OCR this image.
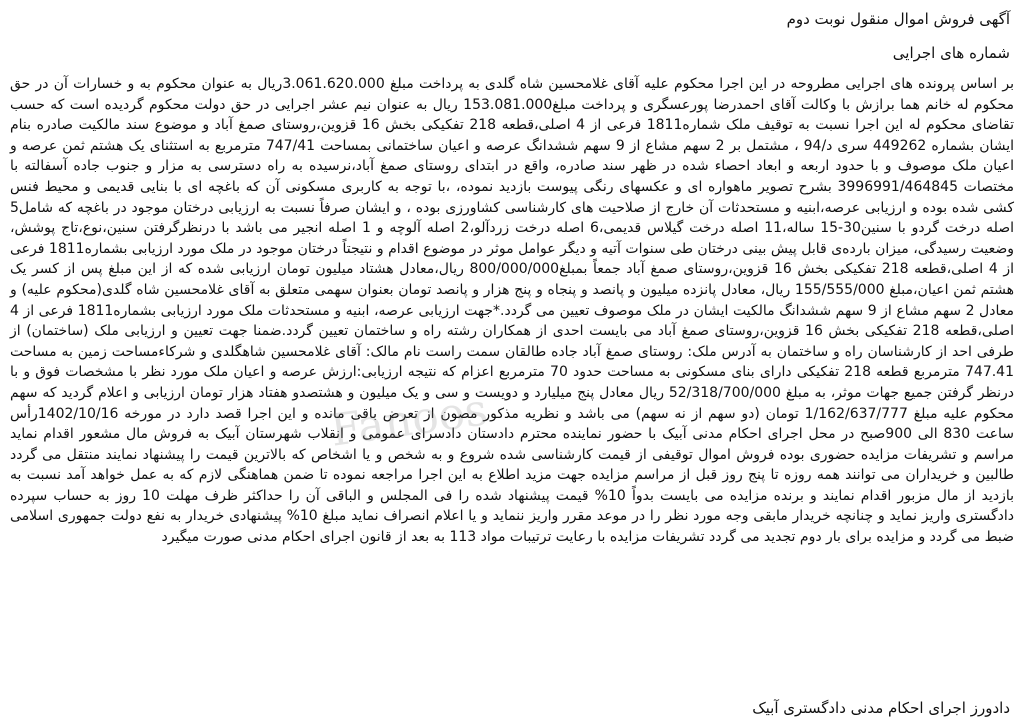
آگهی فروش اموال منقول نوبت دوم
شماره های اجرایی
بر اساس پرونده های اجرایی مطروحه در این اجرا محکوم علیه آقای غلامحسین شاه گلدی به پرداخت مبلغ 3.061.620.000ریال به عنوان محکوم به و خسارات آن در حق محکوم له خانم هما برازش با وکالت آقای احمدرضا پورعسگری و پرداخت مبلغ153.081.000 ریال به عنوان نیم عشر اجرایی در حق دولت محکوم گردیده است که حسب تقاضای محکوم له این اجرا نسبت به توقیف ملک شماره1811 فرعی از 4 اصلی،قطعه 218 تفکیکی بخش 16 قزوین،روستای صمغ آباد و موضوع سند مالکیت صادره بنام ایشان بشماره 449262 سری د/94 ، مشتمل بر 2 سهم مشاع از 9 سهم ششدانگ عرصه و اعیان ساختمانی بمساحت 747/41 مترمربع به استثنای یک هشتم ثمن عرصه و اعیان ملک موصوف و با حدود اربعه و ابعاد احصاء شده در ظهر سند صادره، واقع در ابتدای روستای صمغ آباد،نرسیده به راه دسترسی به مزار و جنوب جاده آسفالته با مختصات 3996991/464845 بشرح تصویر ماهواره ای و عکسهای رنگی پیوست بازدید نموده، ،با توجه به کاربری مسکونی آن که باغچه ای با بنایی قدیمی و محیط فنس کشی شده بوده و ارزیابی عرصه،ابنیه و مستحدثات آن خارج از صلاحیت های کارشناسی کشاورزی بوده ، و ایشان صرفاً نسبت به ارزیابی درختان موجود در باغچه که شامل5 اصله درخت گردو با سنین30-15 ساله،11 اصله درخت گیلاس قدیمی،6 اصله درخت زردآلو،2 اصله آلوچه و 1 اصله انجیر می باشد با درنظرگرفتن سنین،نوع،تاج پوشش، وضعیت رسیدگی، میزان بارده‌ی قابل پیش بینی درختان طی سنوات آتیه و دیگر عوامل موثر در موضوع اقدام و نتیجتاً درختان موجود در ملک مورد ارزیابی بشماره1811 فرعی از 4 اصلی،قطعه 218 تفکیکی بخش 16 قزوین،روستای صمغ آباد جمعاً بمبلغ800/000/000 ریال،معادل هشتاد میلیون تومان ارزیابی شده که از این مبلغ پس از کسر یک هشتم ثمن اعیان،مبلغ 155/555/000 ریال، معادل پانزده میلیون و پانصد و پنجاه و پنج هزار و پانصد تومان بعنوان سهمی متعلق به آقای غلامحسین شاه گلدی(محکوم علیه) و معادل 2 سهم مشاع از 9 سهم ششدانگ مالکیت ایشان در ملک موصوف تعیین می گردد.*جهت ارزیابی عرصه، ابنیه و مستحدثات ملک مورد ارزیابی بشماره1811 فرعی از 4 اصلی،قطعه 218 تفکیکی بخش 16 قزوین،روستای صمغ آباد می بایست احدی از همکاران رشته راه و ساختمان تعیین گردد.ضمنا جهت تعیین و ارزیابی ملک (ساختمان) از طرفی احد از کارشناسان راه و ساختمان به آدرس ملک: روستای صمغ آباد جاده طالقان سمت راست نام مالک: آقای غلامحسین شاهگلدی و شرکاءمساحت زمین به مساحت 747.41 مترمربع قطعه 218 تفکیکی دارای بنای مسکونی به مساحت حدود 70 مترمربع اعزام که نتیجه ارزیابی:ارزش عرصه و اعیان ملک مورد نظر با مشخصات فوق و با درنظر گرفتن جمیع جهات موثر، به مبلغ 52/318/700/000 ریال معادل پنج میلیارد و دویست و سی و یک میلیون و هشتصدو هفتاد هزار تومان ارزیابی و اعلام گردید که سهم محکوم علیه مبلغ 1/162/637/777 تومان (دو سهم از نه سهم) می باشد و نظریه مذکور مصون از تعرض باقی مانده و این اجرا قصد دارد در مورخه 1402/10/16رأس ساعت 830 الی 900صبح در محل اجرای احکام مدنی آبیک با حضور نماینده محترم دادستان دادسرای عمومی و انقلاب شهرستان آبیک به فروش مال مشعور اقدام نماید مراسم و تشریفات مزایده حضوری بوده فروش اموال توقیفی از قیمت کارشناسی شده شروع و به شخص و یا اشخاص که بالاترین قیمت را پیشنهاد نمایند منتقل می گردد طالبین و خریداران می توانند همه روزه تا پنج روز قبل از مراسم مزایده جهت مزید اطلاع به این اجرا مراجعه نموده تا ضمن هماهنگی لازم که به عمل خواهد آمد نسبت به بازدید از مال مزبور اقدام نمایند و برنده مزایده می بایست بدواً 10% قیمت پیشنهاد شده را فی المجلس و الباقی آن را حداکثر ظرف مهلت 10 روز به حساب سپرده دادگستری واریز نماید و چنانچه خریدار مابقی وجه مورد نظر را در موعد مقرر واریز ننماید و یا اعلام انصراف نماید مبلغ 10% پیشنهادی خریدار به نفع دولت جمهوری اسلامی ضبط می گردد و مزایده برای بار دوم تجدید می گردد تشریفات مزایده با رعایت ترتیبات مواد 113 به بعد از قانون اجرای احکام مدنی صورت میگیرد
Fanoos
دادورز اجرای احکام مدنی دادگستری آبیک
